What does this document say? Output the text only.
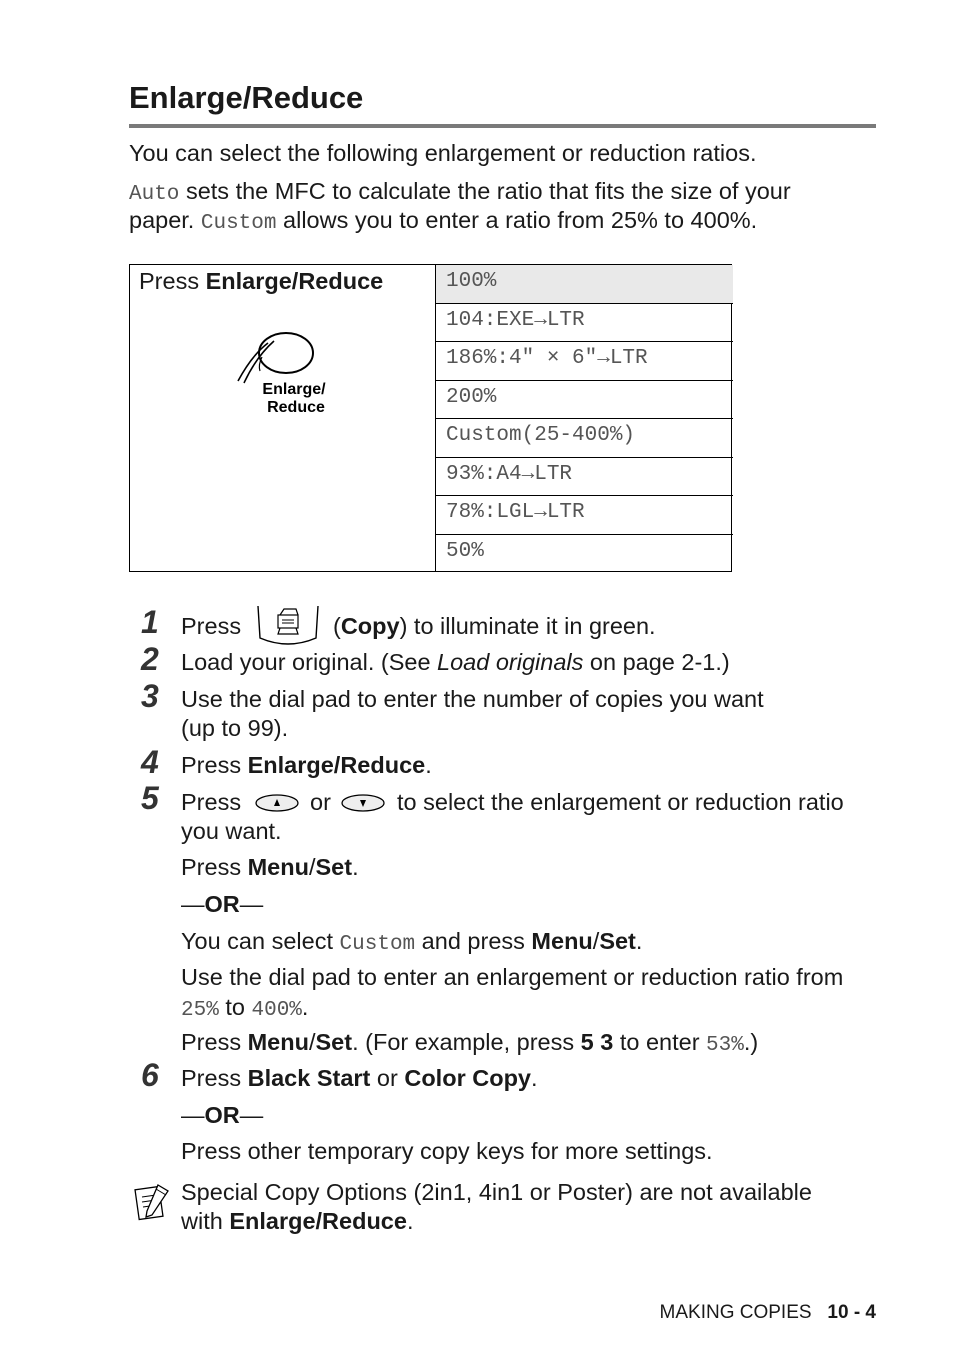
Enlarge/Reduce
You can select the following enlargement or reduction ratios.
Auto sets the MFC to calculate the ratio that fits the size of your
paper. Custom allows you to enter a ratio from 25% to 400%.
Press Enlarge/Reduce
Enlarge/
Reduce
100%
104:EXE→LTR
186%:4" × 6"→LTR
200%
Custom(25-400%)
93%:A4→LTR
78%:LGL→LTR
50%
1 Press	(Copy) to illuminate it in green.
2 Load your original. (See Load originals on page 2-1.)
3 Use the dial pad to enter the number of copies you want
(up to 99).
4 Press Enlarge/Reduce.
5 Press	or	to select the enlargement or reduction ratio
you want.
Press Menu/Set.
—OR—
You can select Custom and press Menu/Set.
Use the dial pad to enter an enlargement or reduction ratio from
25% to 400%.
Press Menu/Set. (For example, press 5 3 to enter 53%.)
6 Press Black Start or Color Copy.
—OR—
Press other temporary copy keys for more settings.
Special Copy Options (2in1, 4in1 or Poster) are not available
with Enlarge/Reduce.
MAKING COPIES 10 - 4
